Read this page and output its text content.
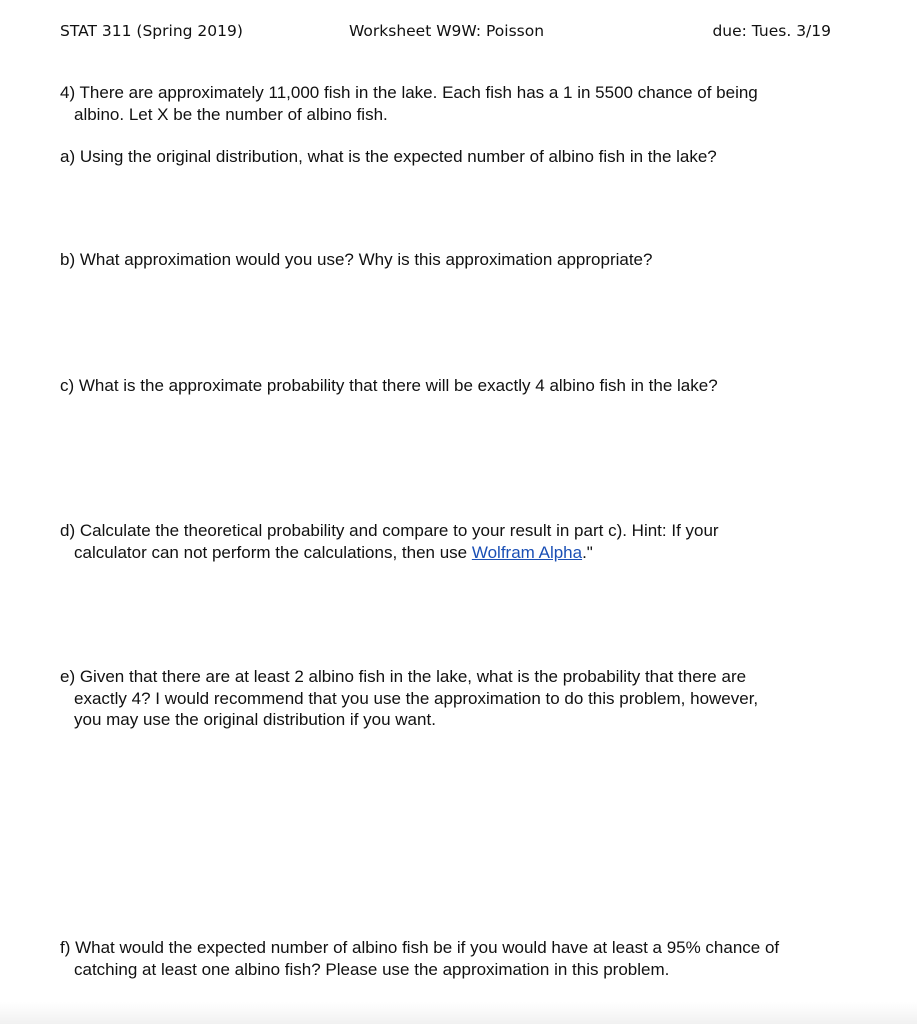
STAT 311 (Spring 2019)	Worksheet W9W: Poisson	due: Tues. 3/19
4) There are approximately 11,000 fish in the lake. Each fish has a 1 in 5500 chance of being
albino. Let X be the number of albino fish.
a) Using the original distribution, what is the expected number of albino fish in the lake?
b) What approximation would you use? Why is this approximation appropriate?
c) What is the approximate probability that there will be exactly 4 albino fish in the lake?
d) Calculate the theoretical probability and compare to your result in part c). Hint: If your
calculator can not perform the calculations, then use Wolfram Alpha."
e) Given that there are at least 2 albino fish in the lake, what is the probability that there are
exactly 4? I would recommend that you use the approximation to do this problem, however,
you may use the original distribution if you want.
f) What would the expected number of albino fish be if you would have at least a 95% chance of
catching at least one albino fish? Please use the approximation in this problem.
